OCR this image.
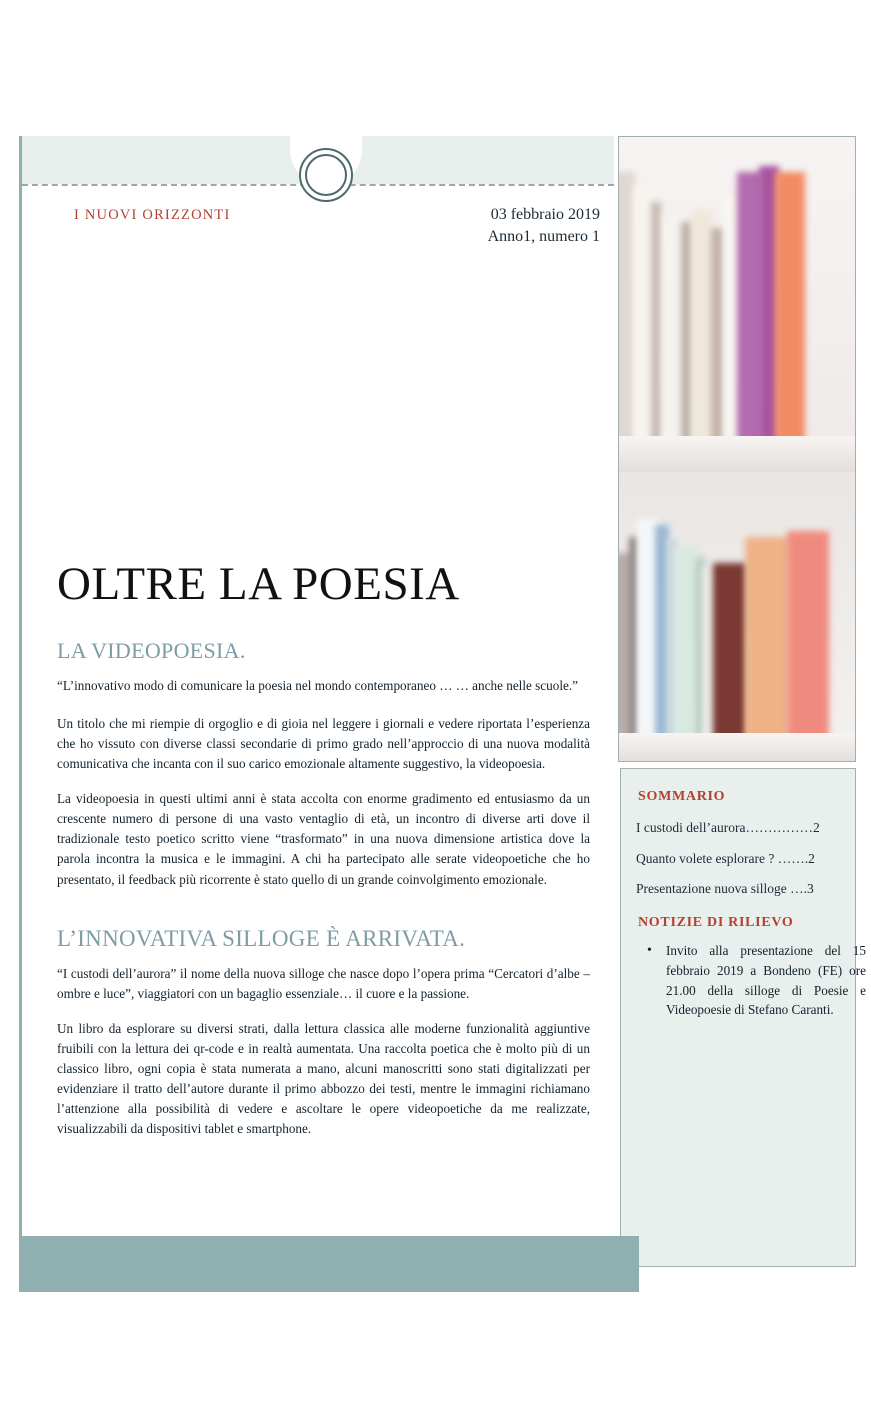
I NUOVI ORIZZONTI	03 febbraio 2019
Anno1, numero 1
OLTRE LA POESIA
LA VIDEOPOESIA.

“L’innovativo modo di comunicare la poesia nel mondo contemporaneo … … anche nelle scuole.”

Un titolo che mi riempie di orgoglio e di gioia nel leggere i giornali e vedere riportata l’esperienza che ho vissuto con diverse classi secondarie di primo grado nell’approccio di una nuova modalità comunicativa che incanta con il suo carico emozionale altamente suggestivo, la videopoesia.

La videopoesia in questi ultimi anni è stata accolta con enorme gradimento ed entusiasmo da un crescente numero di persone di una vasto ventaglio di età, un incontro di diverse arti dove il tradizionale testo poetico scritto viene “trasformato” in una nuova dimensione artistica dove la parola incontra la musica e le immagini. A chi ha partecipato alle serate videopoetiche che ho presentato, il feedback più ricorrente è stato quello di un grande coinvolgimento emozionale.

L’INNOVATIVA SILLOGE È ARRIVATA.

“I custodi dell’aurora” il nome della nuova silloge che nasce dopo l’opera prima “Cercatori d’albe – ombre e luce”, viaggiatori con un bagaglio essenziale… il cuore e la passione.

Un libro da esplorare su diversi strati, dalla lettura classica alle moderne funzionalità aggiuntive fruibili con la lettura dei qr-code e in realtà aumentata. Una raccolta poetica che è molto più di un classico libro, ogni copia è stata numerata a mano, alcuni manoscritti sono stati digitalizzati per evidenziare il tratto dell’autore durante il primo abbozzo dei testi, mentre le immagini richiamano l’attenzione alla possibilità di vedere e ascoltare le opere videopoetiche da me realizzate, visualizzabili da dispositivi tablet e smartphone.

SOMMARIO
I custodi dell’aurora……………2
Quanto volete esplorare ? …….2
Presentazione nuova silloge ….3
NOTIZIE DI RILIEVO
• Invito alla presentazione del 15 febbraio 2019 a Bondeno (FE) ore 21.00 della silloge di Poesie e Videopoesie di Stefano Caranti.
